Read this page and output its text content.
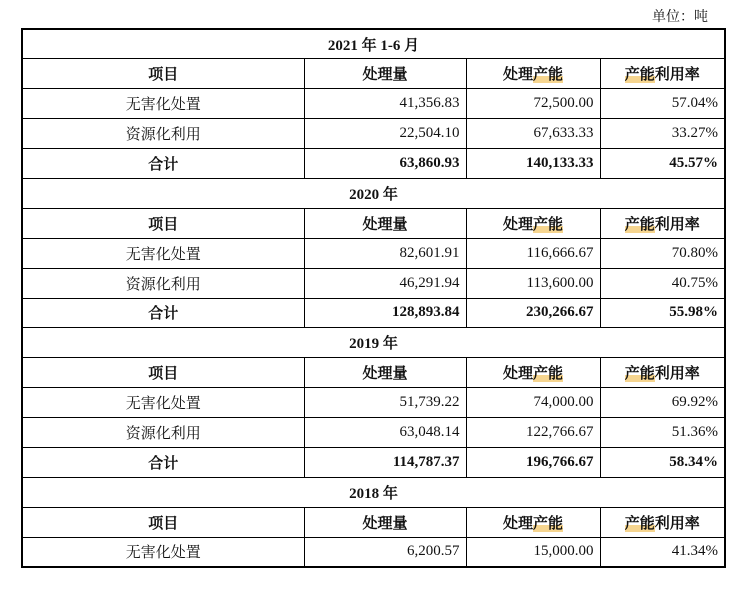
单位：吨
2021 年 1-6 月			
项目	处理量	处理产能	产能利用率
无害化处置	41,356.83	72,500.00	57.04%
资源化利用	22,504.10	67,633.33	33.27%
合计	63,860.93	140,133.33	45.57%
2020 年			
项目	处理量	处理产能	产能利用率
无害化处置	82,601.91	116,666.67	70.80%
资源化利用	46,291.94	113,600.00	40.75%
合计	128,893.84	230,266.67	55.98%
2019 年			
项目	处理量	处理产能	产能利用率
无害化处置	51,739.22	74,000.00	69.92%
资源化利用	63,048.14	122,766.67	51.36%
合计	114,787.37	196,766.67	58.34%
2018 年			
项目	处理量	处理产能	产能利用率
无害化处置	6,200.57	15,000.00	41.34%
